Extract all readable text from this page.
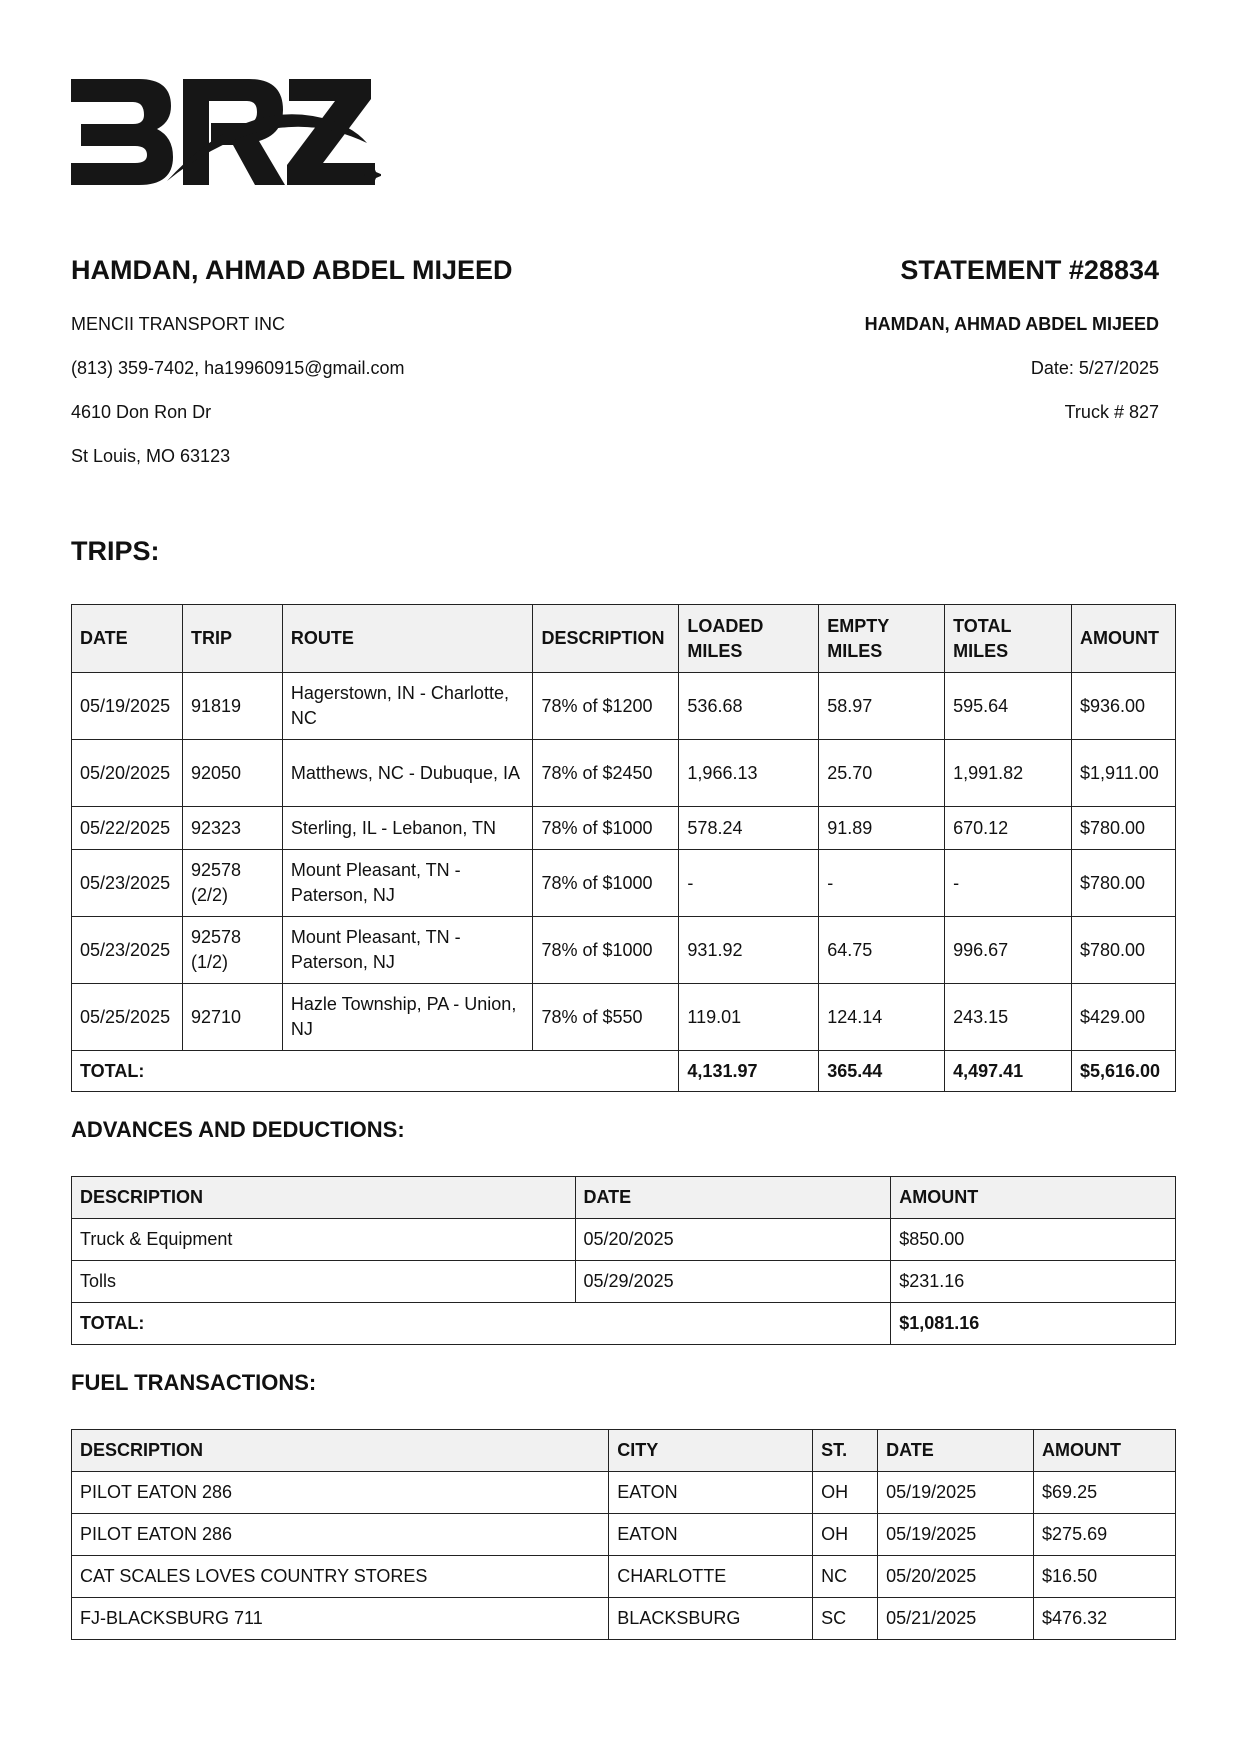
HAMDAN, AHMAD ABDEL MIJEED	STATEMENT #28834
MENCII TRANSPORT INC
(813) 359-7402, ha19960915@gmail.com
4610 Don Ron Dr
St Louis, MO 63123
HAMDAN, AHMAD ABDEL MIJEED
Date: 5/27/2025
Truck # 827
TRIPS:
DATE	TRIP	ROUTE	DESCRIPTION	LOADED MILES	EMPTY MILES	TOTAL MILES	AMOUNT
05/19/2025	91819	Hagerstown, IN - Charlotte, NC	78% of $1200	536.68	58.97	595.64	$936.00
05/20/2025	92050	Matthews, NC - Dubuque, IA	78% of $2450	1,966.13	25.70	1,991.82	$1,911.00
05/22/2025	92323	Sterling, IL - Lebanon, TN	78% of $1000	578.24	91.89	670.12	$780.00
05/23/2025	92578 (2/2)	Mount Pleasant, TN - Paterson, NJ	78% of $1000	-	-	-	$780.00
05/23/2025	92578 (1/2)	Mount Pleasant, TN - Paterson, NJ	78% of $1000	931.92	64.75	996.67	$780.00
05/25/2025	92710	Hazle Township, PA - Union, NJ	78% of $550	119.01	124.14	243.15	$429.00
TOTAL:				4,131.97	365.44	4,497.41	$5,616.00
ADVANCES AND DEDUCTIONS:
DESCRIPTION	DATE	AMOUNT
Truck & Equipment	05/20/2025	$850.00
Tolls	05/29/2025	$231.16
TOTAL:		$1,081.16
FUEL TRANSACTIONS:
DESCRIPTION	CITY	ST.	DATE	AMOUNT
PILOT EATON 286	EATON	OH	05/19/2025	$69.25
PILOT EATON 286	EATON	OH	05/19/2025	$275.69
CAT SCALES LOVES COUNTRY STORES	CHARLOTTE	NC	05/20/2025	$16.50
FJ-BLACKSBURG 711	BLACKSBURG	SC	05/21/2025	$476.32
